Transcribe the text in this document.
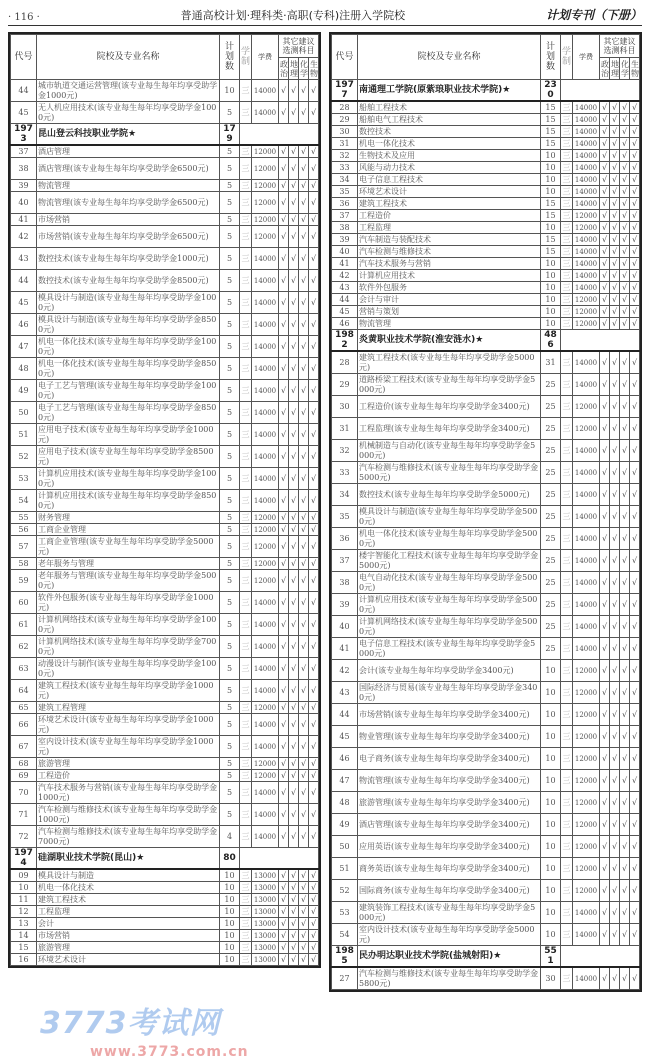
· 116 ·	普通高校计划·理科类·高职(专科)注册入学院校	计划专刊（下册）
代号	院校及专业名称	计划数	学制	学费	其它建议选测科目			
					政治	地理	化学	生物
44	城市轨道交通运营管理(该专业每生每年均享受助学金1000元)	10	三	14000	√	√	√	√
45	无人机应用技术(该专业每生每年均享受助学金1000元)	5	三	14000	√	√	√	√
1973	昆山登云科技职业学院★	179						
37	酒店管理	5	三	12000	√	√	√	√
38	酒店管理(该专业每生每年均享受助学金6500元)	5	三	12000	√	√	√	√
39	物流管理	5	三	12000	√	√	√	√
40	物流管理(该专业每生每年均享受助学金6500元)	5	三	12000	√	√	√	√
41	市场营销	5	三	12000	√	√	√	√
42	市场营销(该专业每生每年均享受助学金6500元)	5	三	12000	√	√	√	√
43	数控技术(该专业每生每年均享受助学金1000元)	5	三	14000	√	√	√	√
44	数控技术(该专业每生每年均享受助学金8500元)	5	三	14000	√	√	√	√
45	模具设计与制造(该专业每生每年均享受助学金1000元)	5	三	14000	√	√	√	√
46	模具设计与制造(该专业每生每年均享受助学金8500元)	5	三	14000	√	√	√	√
47	机电一体化技术(该专业每生每年均享受助学金1000元)	5	三	14000	√	√	√	√
48	机电一体化技术(该专业每生每年均享受助学金8500元)	5	三	14000	√	√	√	√
49	电子工艺与管理(该专业每生每年均享受助学金1000元)	5	三	14000	√	√	√	√
50	电子工艺与管理(该专业每生每年均享受助学金8500元)	5	三	14000	√	√	√	√
51	应用电子技术(该专业每生每年均享受助学金1000元)	5	三	14000	√	√	√	√
52	应用电子技术(该专业每生每年均享受助学金8500元)	5	三	14000	√	√	√	√
53	计算机应用技术(该专业每生每年均享受助学金1000元)	5	三	14000	√	√	√	√
54	计算机应用技术(该专业每生每年均享受助学金8500元)	5	三	14000	√	√	√	√
55	财务管理	5	三	12000	√	√	√	√
56	工商企业管理	5	三	12000	√	√	√	√
57	工商企业管理(该专业每生每年均享受助学金5000元)	5	三	12000	√	√	√	√
58	老年服务与管理	5	三	12000	√	√	√	√
59	老年服务与管理(该专业每生每年均享受助学金5000元)	5	三	12000	√	√	√	√
60	软件外包服务(该专业每生每年均享受助学金1000元)	5	三	14000	√	√	√	√
61	计算机网络技术(该专业每生每年均享受助学金1000元)	5	三	14000	√	√	√	√
62	计算机网络技术(该专业每生每年均享受助学金7000元)	5	三	14000	√	√	√	√
63	动漫设计与制作(该专业每生每年均享受助学金1000元)	5	三	14000	√	√	√	√
64	建筑工程技术(该专业每生每年均享受助学金1000元)	5	三	14000	√	√	√	√
65	建筑工程管理	5	三	12000	√	√	√	√
66	环境艺术设计(该专业每生每年均享受助学金1000元)	5	三	14000	√	√	√	√
67	室内设计技术(该专业每生每年均享受助学金1000元)	5	三	14000	√	√	√	√
68	旅游管理	5	三	12000	√	√	√	√
69	工程造价	5	三	12000	√	√	√	√
70	汽车技术服务与营销(该专业每生每年均享受助学金1000元)	5	三	14000	√	√	√	√
71	汽车检测与维修技术(该专业每生每年均享受助学金1000元)	5	三	14000	√	√	√	√
72	汽车检测与维修技术(该专业每生每年均享受助学金7000元)	4	三	14000	√	√	√	√
1974	硅湖职业技术学院(昆山)★	80						
09	模具设计与制造	10	三	13000	√	√	√	√
10	机电一体化技术	10	三	13000	√	√	√	√
11	建筑工程技术	10	三	13000	√	√	√	√
12	工程监理	10	三	13000	√	√	√	√
13	会计	10	三	13000	√	√	√	√
14	市场营销	10	三	13000	√	√	√	√
15	旅游管理	10	三	13000	√	√	√	√
16	环境艺术设计	10	三	13000	√	√	√	√
代号	院校及专业名称	计划数	学制	学费	其它建议选测科目			
					政治	地理	化学	生物
1977	南通理工学院(原紫琅职业技术学院)★	230						
28	船舶工程技术	15	三	14000	√	√	√	√
29	船舶电气工程技术	15	三	14000	√	√	√	√
30	数控技术	15	三	14000	√	√	√	√
31	机电一体化技术	15	三	14000	√	√	√	√
32	生物技术及应用	10	三	14000	√	√	√	√
33	风能与动力技术	10	三	14000	√	√	√	√
34	电子信息工程技术	10	三	14000	√	√	√	√
35	环境艺术设计	10	三	14000	√	√	√	√
36	建筑工程技术	15	三	14000	√	√	√	√
37	工程造价	15	三	12000	√	√	√	√
38	工程监理	10	三	12000	√	√	√	√
39	汽车制造与装配技术	15	三	14000	√	√	√	√
40	汽车检测与维修技术	15	三	14000	√	√	√	√
41	汽车技术服务与营销	10	三	14000	√	√	√	√
42	计算机应用技术	10	三	14000	√	√	√	√
43	软件外包服务	10	三	14000	√	√	√	√
44	会计与审计	10	三	12000	√	√	√	√
45	营销与策划	10	三	12000	√	√	√	√
46	物流管理	10	三	12000	√	√	√	√
1982	炎黄职业技术学院(淮安涟水)★	486						
28	建筑工程技术(该专业每生每年均享受助学金5000元)	31	三	14000	√	√	√	√
29	道路桥梁工程技术(该专业每生每年均享受助学金5000元)	25	三	14000	√	√	√	√
30	工程造价(该专业每生每年均享受助学金3400元)	25	三	12000	√	√	√	√
31	工程监理(该专业每生每年均享受助学金3400元)	25	三	12000	√	√	√	√
32	机械制造与自动化(该专业每生每年均享受助学金5000元)	25	三	14000	√	√	√	√
33	汽车检测与维修技术(该专业每生每年均享受助学金5000元)	25	三	14000	√	√	√	√
34	数控技术(该专业每生每年均享受助学金5000元)	25	三	14000	√	√	√	√
35	模具设计与制造(该专业每生每年均享受助学金5000元)	25	三	14000	√	√	√	√
36	机电一体化技术(该专业每生每年均享受助学金5000元)	25	三	14000	√	√	√	√
37	楼宇智能化工程技术(该专业每生每年均享受助学金5000元)	25	三	14000	√	√	√	√
38	电气自动化技术(该专业每生每年均享受助学金5000元)	25	三	14000	√	√	√	√
39	计算机应用技术(该专业每生每年均享受助学金5000元)	25	三	14000	√	√	√	√
40	计算机网络技术(该专业每生每年均享受助学金5000元)	25	三	14000	√	√	√	√
41	电子信息工程技术(该专业每生每年均享受助学金5000元)	25	三	14000	√	√	√	√
42	会计(该专业每生每年均享受助学金3400元)	10	三	12000	√	√	√	√
43	国际经济与贸易(该专业每生每年均享受助学金3400元)	10	三	12000	√	√	√	√
44	市场营销(该专业每生每年均享受助学金3400元)	10	三	12000	√	√	√	√
45	物业管理(该专业每生每年均享受助学金3400元)	10	三	12000	√	√	√	√
46	电子商务(该专业每生每年均享受助学金3400元)	10	三	12000	√	√	√	√
47	物流管理(该专业每生每年均享受助学金3400元)	10	三	12000	√	√	√	√
48	旅游管理(该专业每生每年均享受助学金3400元)	10	三	12000	√	√	√	√
49	酒店管理(该专业每生每年均享受助学金3400元)	10	三	12000	√	√	√	√
50	应用英语(该专业每生每年均享受助学金3400元)	10	三	12000	√	√	√	√
51	商务英语(该专业每生每年均享受助学金3400元)	10	三	12000	√	√	√	√
52	国际商务(该专业每生每年均享受助学金3400元)	10	三	12000	√	√	√	√
53	建筑装饰工程技术(该专业每生每年均享受助学金5000元)	10	三	14000	√	√	√	√
54	室内设计技术(该专业每生每年均享受助学金5000元)	10	三	14000	√	√	√	√
1985	民办明达职业技术学院(盐城射阳)★	551						
27	汽车检测与维修技术(该专业每生每年均享受助学金5800元)	30	三	14000	√	√	√	√
3773考试网
www.3773.com.cn
